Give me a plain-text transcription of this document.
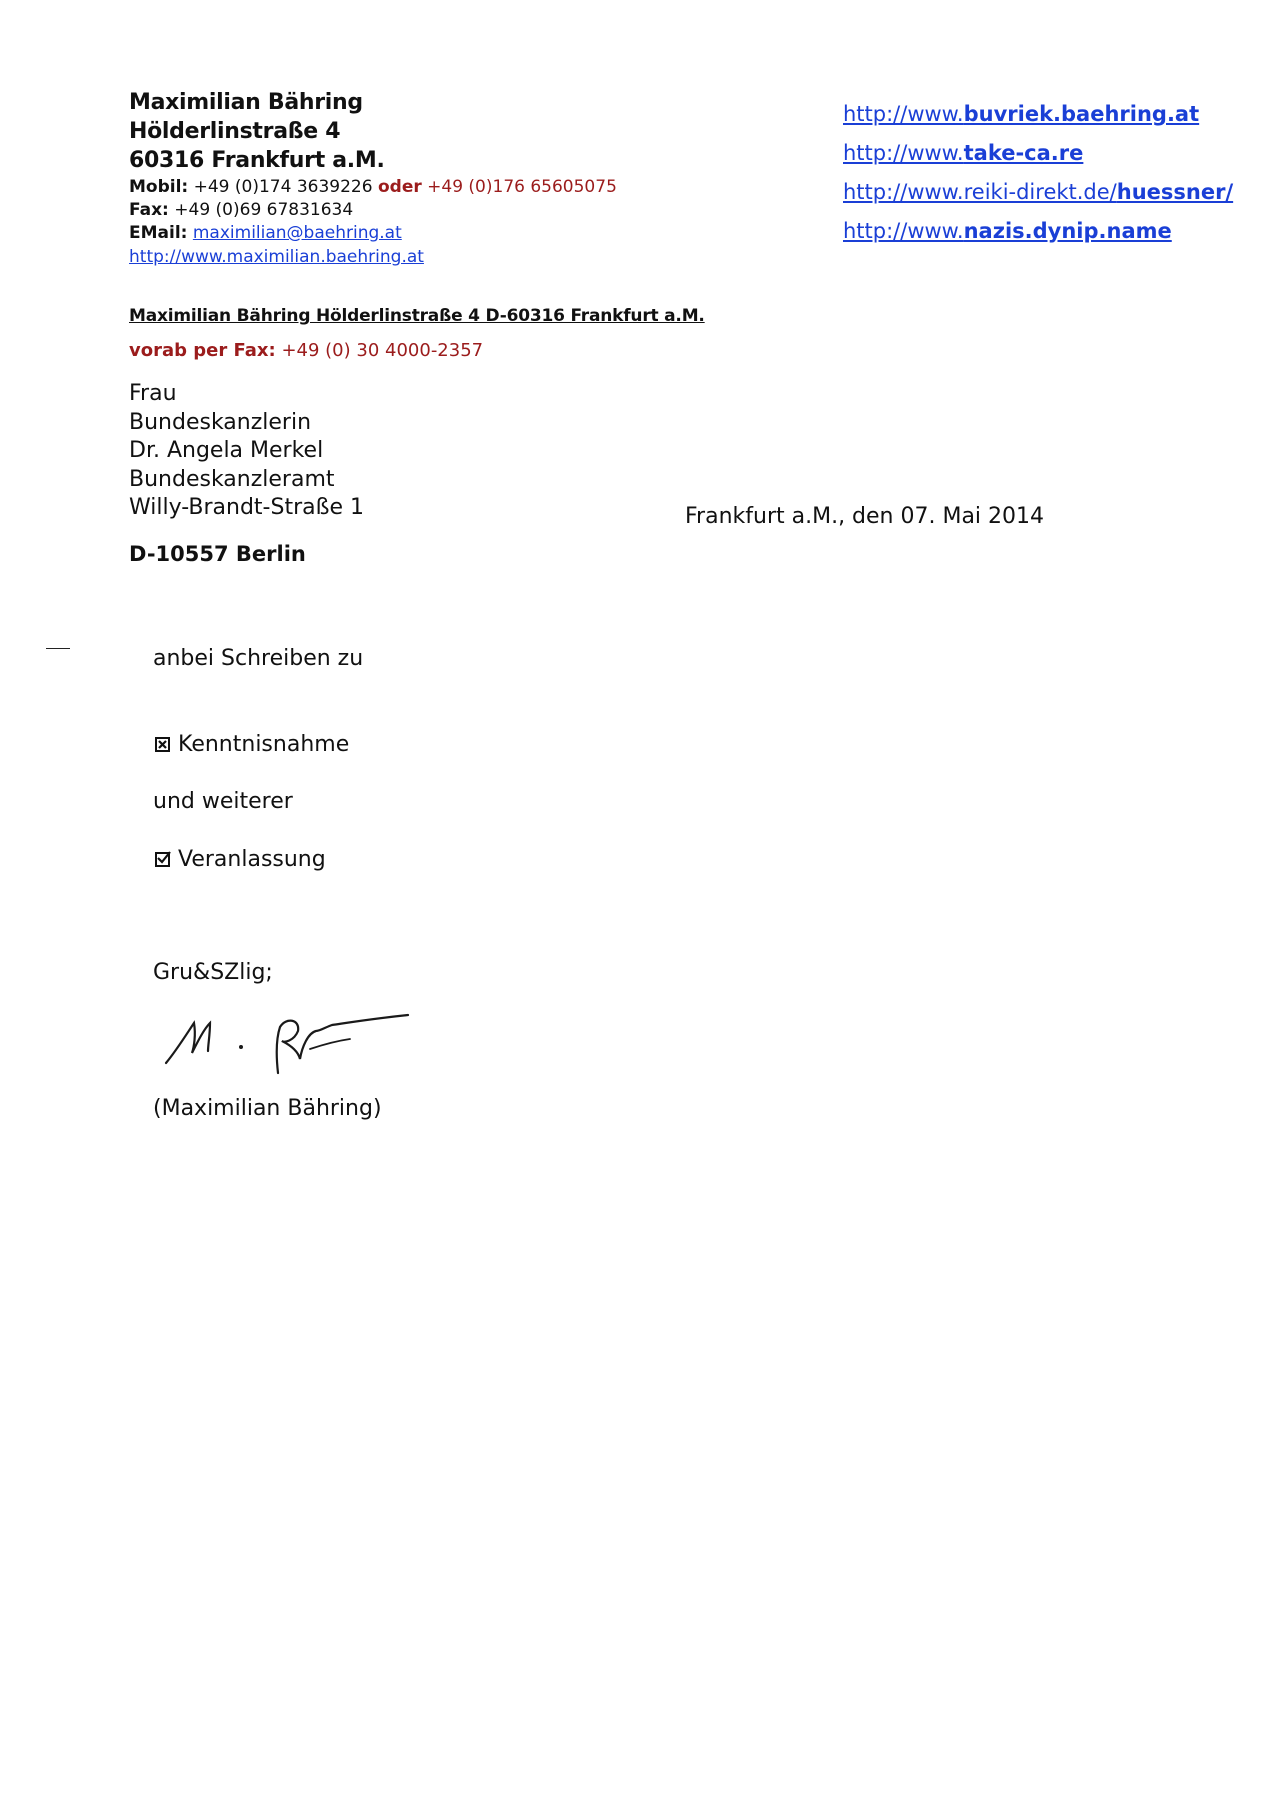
Maximilian Bähring
Hölderlinstraße 4
60316 Frankfurt a.M.
Mobil: +49 (0)174 3639226 oder +49 (0)176 65605075
Fax: +49 (0)69 67831634
EMail: maximilian@baehring.at
http://www.maximilian.baehring.at
http://www.buvriek.baehring.at
http://www.take-ca.re
http://www.reiki-direkt.de/huessner/
http://www.nazis.dynip.name
Maximilian Bähring Hölderlinstraße 4 D-60316 Frankfurt a.M.
vorab per Fax: +49 (0) 30 4000-2357
Frau
Bundeskanzlerin
Dr. Angela Merkel
Bundeskanzleramt
Willy-Brandt-Straße 1
D-10557 Berlin
Frankfurt a.M., den 07. Mai 2014
anbei Schreiben zu
Kenntnisnahme
und weiterer
Veranlassung
Gru&SZlig;
(Maximilian Bähring)
